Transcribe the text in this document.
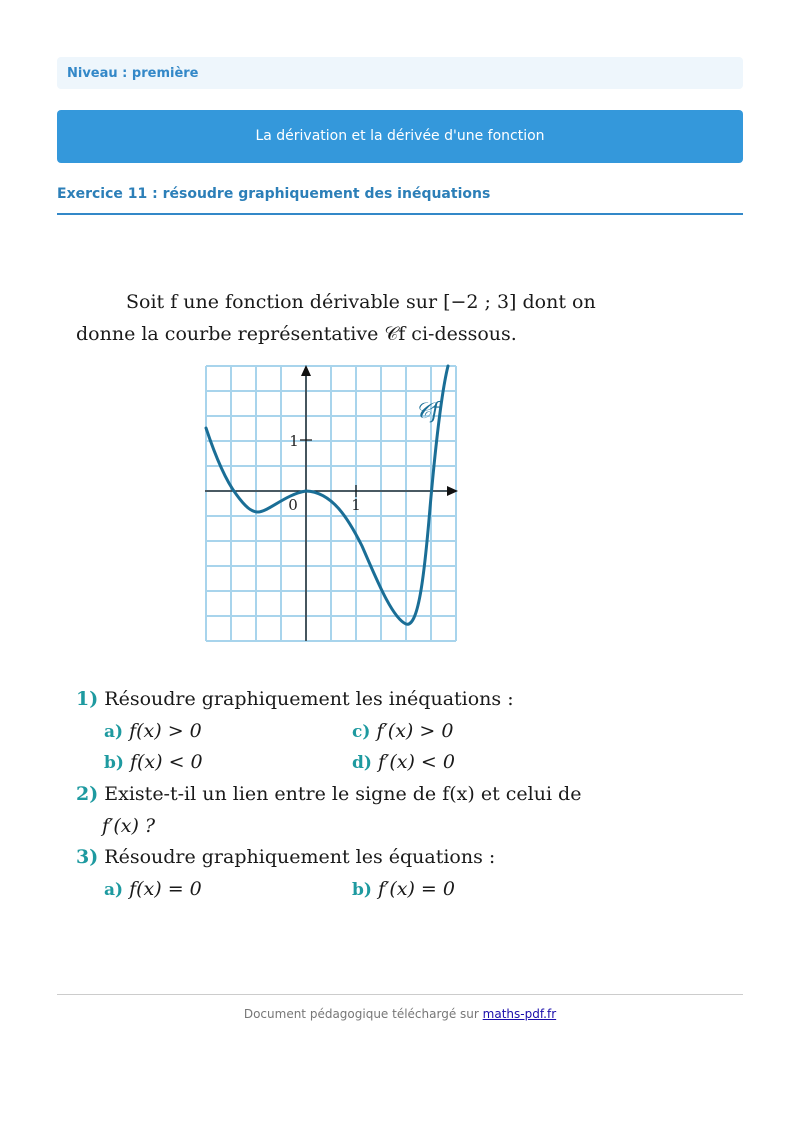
Niveau : première
La dérivation et la dérivée d'une fonction
Exercice 11 : résoudre graphiquement des inéquations
Soit f une fonction dérivable sur [−2 ; 3] dont on
donne la courbe représentative 𝒞f ci-dessous.
0	1
1
𝒞f
1) Résoudre graphiquement les inéquations :
a) f(x) > 0	c) f′(x) > 0
b) f(x) < 0	d) f′(x) < 0
2) Existe-t-il un lien entre le signe de f(x) et celui de
f′(x) ?
3) Résoudre graphiquement les équations :
a) f(x) = 0	b) f′(x) = 0
Document pédagogique téléchargé sur maths-pdf.fr
